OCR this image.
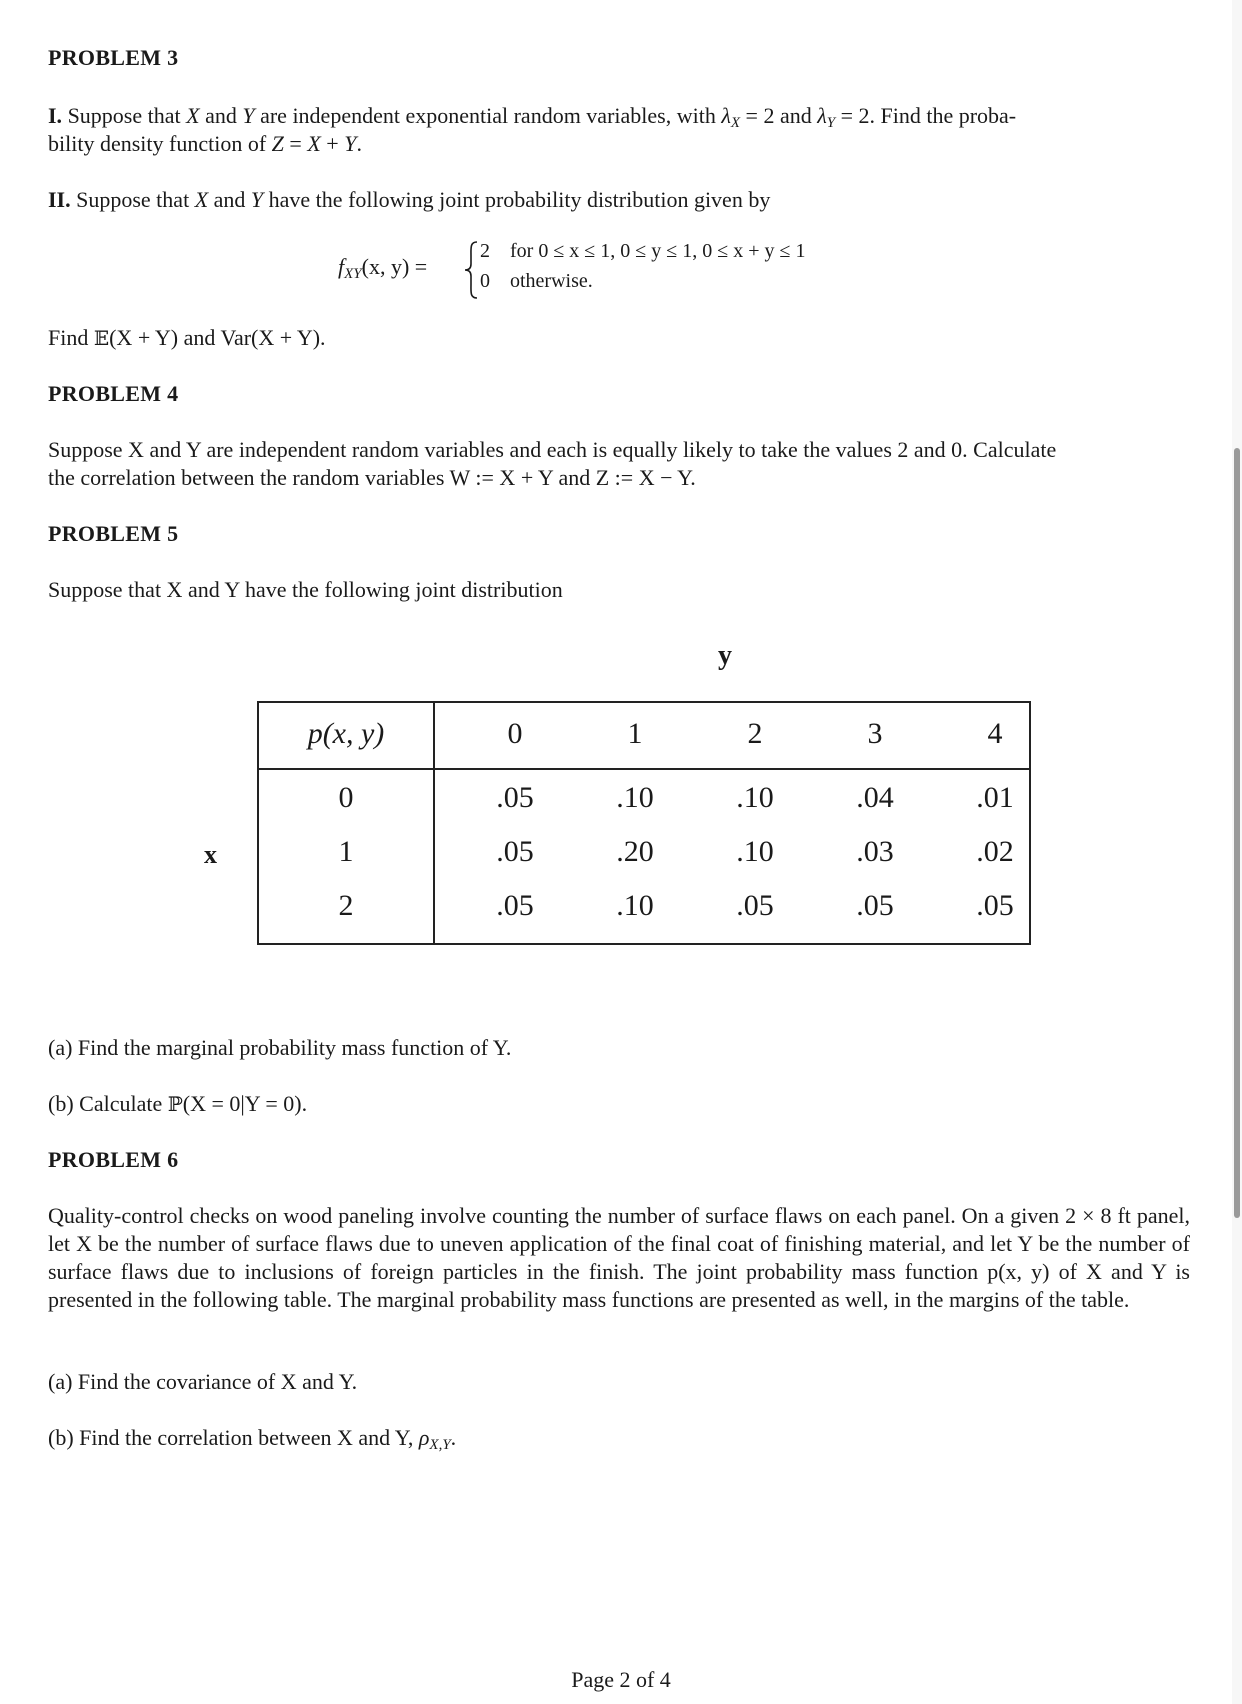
PROBLEM 3
I. Suppose that X and Y are independent exponential random variables, with $\lambda_X = 2$ and $\lambda_Y = 2$. Find the proba-
bility density function of Z = X + Y.
II. Suppose that X and Y have the following joint probability distribution given by
$f_{XY}(x$, y) =
2 for 0 ≤ x ≤ 1, 0 ≤ y ≤ 1, 0 ≤ x + y ≤ 1
0 otherwise.
Find 𝔼(X + Y) and Var(X + Y).
PROBLEM 4
Suppose X and Y are independent random variables and each is equally likely to take the values 2 and 0. Calculate
the correlation between the random variables W := X + Y and Z := X − Y.
PROBLEM 5
Suppose that X and Y have the following joint distribution
y
x
p(x, y)	0	1	2	3	4
0	.05	.10	.10	.04	.01
1	.05	.20	.10	.03	.02
2	.05	.10	.05	.05	.05
(a) Find the marginal probability mass function of Y.
(b) Calculate ℙ(X = 0|Y = 0).
PROBLEM 6
Quality-control checks on wood paneling involve counting the number of surface flaws on each panel. On a given 2 × 8 ft panel, let X be the number of surface flaws due to uneven application of the final coat of finishing material, and let Y be the number of surface flaws due to inclusions of foreign particles in the finish. The joint probability mass function p(x, y) of X and Y is presented in the following table. The marginal probability mass functions are presented as well, in the margins of the table.
(a) Find the covariance of X and Y.
(b) Find the correlation between X and Y, $\rho_{X,Y}$.
Page 2 of 4
